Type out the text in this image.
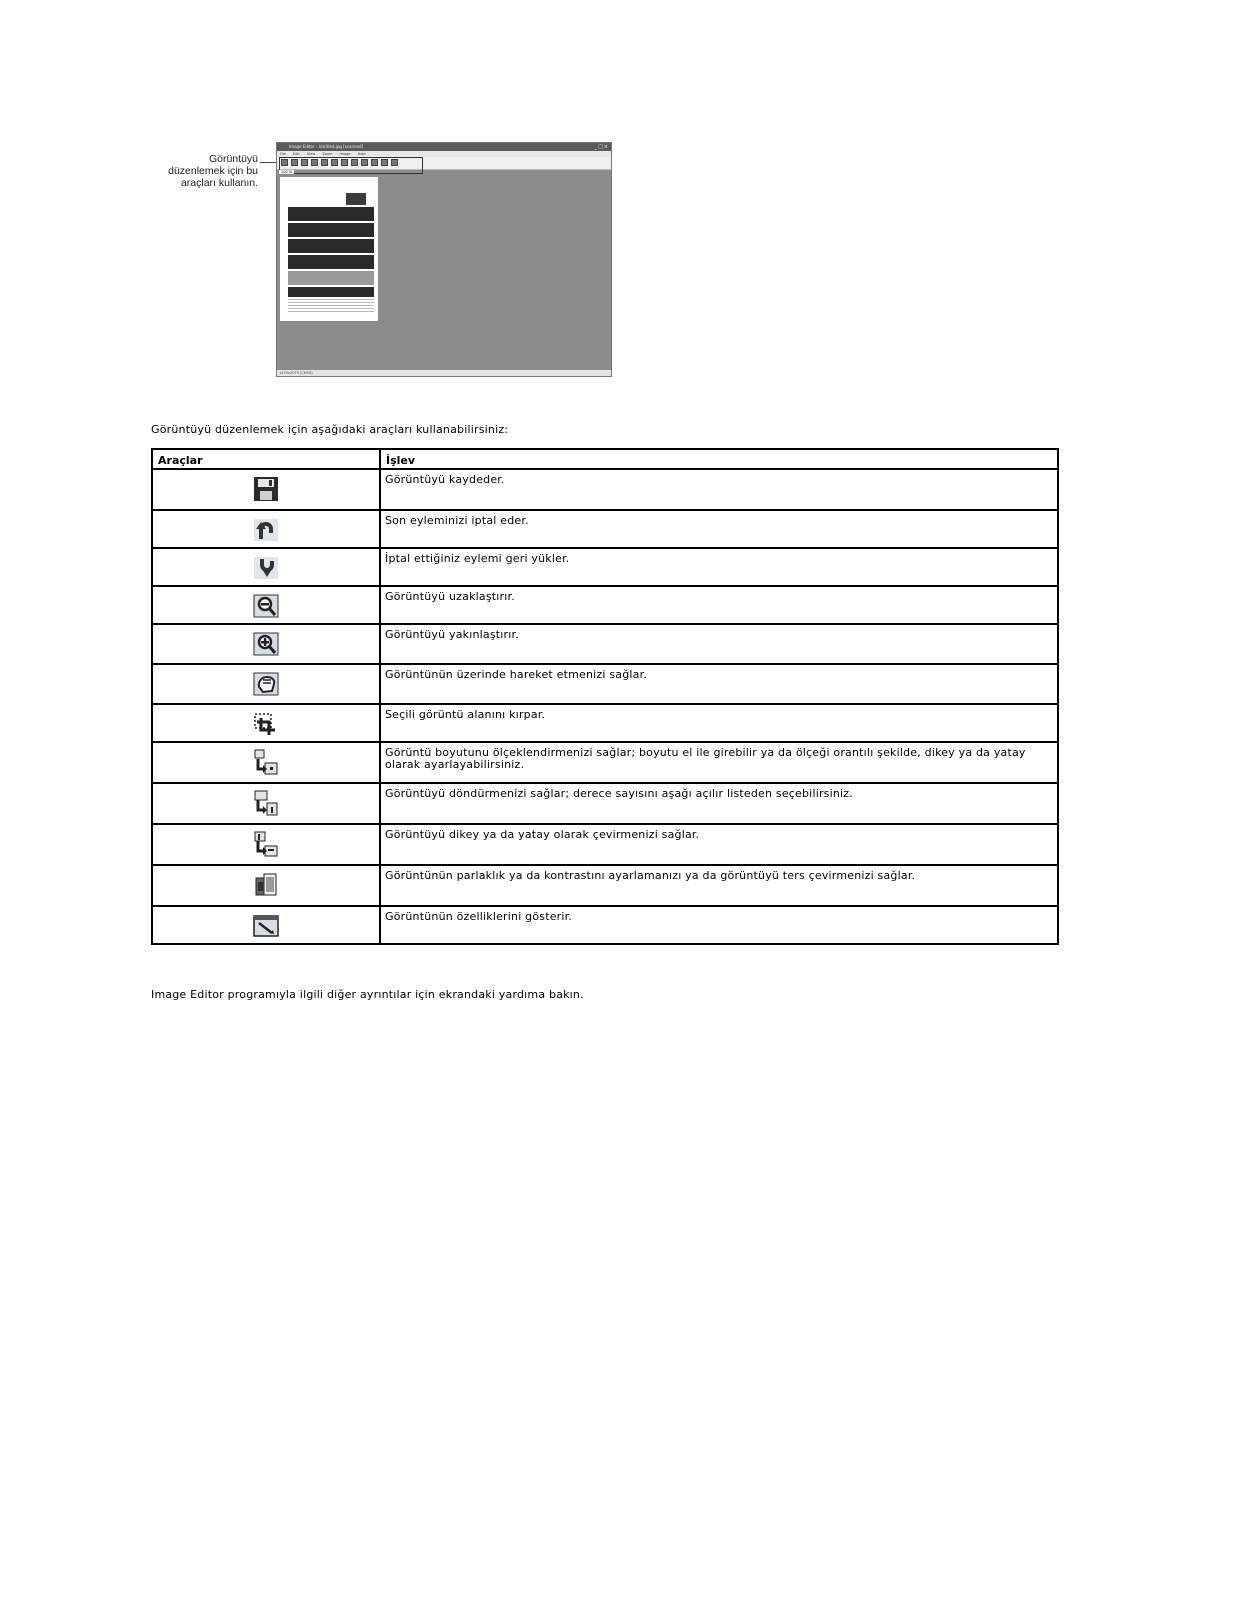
Görüntüyü düzenlemek için bu araçları kullanın.
Image Editor - Untitled.jpg [scanned]	_□×
File Edit View Zoom Image Help
100 %
1470x2079 (CMYK)
Görüntüyü düzenlemek için aşağıdaki araçları kullanabilirsiniz:
Araçlar	İşlev

	Görüntüyü kaydeder.

	Son eyleminizi iptal eder.

	İptal ettiğiniz eylemi geri yükler.

	Görüntüyü uzaklaştırır.

	Görüntüyü yakınlaştırır.

	Görüntünün üzerinde hareket etmenizi sağlar.

	Seçili görüntü alanını kırpar.

	Görüntü boyutunu ölçeklendirmenizi sağlar; boyutu el ile girebilir ya da ölçeği orantılı şekilde, dikey ya da yatay olarak ayarlayabilirsiniz.

	Görüntüyü döndürmenizi sağlar; derece sayısını aşağı açılır listeden seçebilirsiniz.

	Görüntüyü dikey ya da yatay olarak çevirmenizi sağlar.

	Görüntünün parlaklık ya da kontrastını ayarlamanızı ya da görüntüyü ters çevirmenizi sağlar.

	Görüntünün özelliklerini gösterir.
Image Editor programıyla ilgili diğer ayrıntılar için ekrandaki yardıma bakın.
